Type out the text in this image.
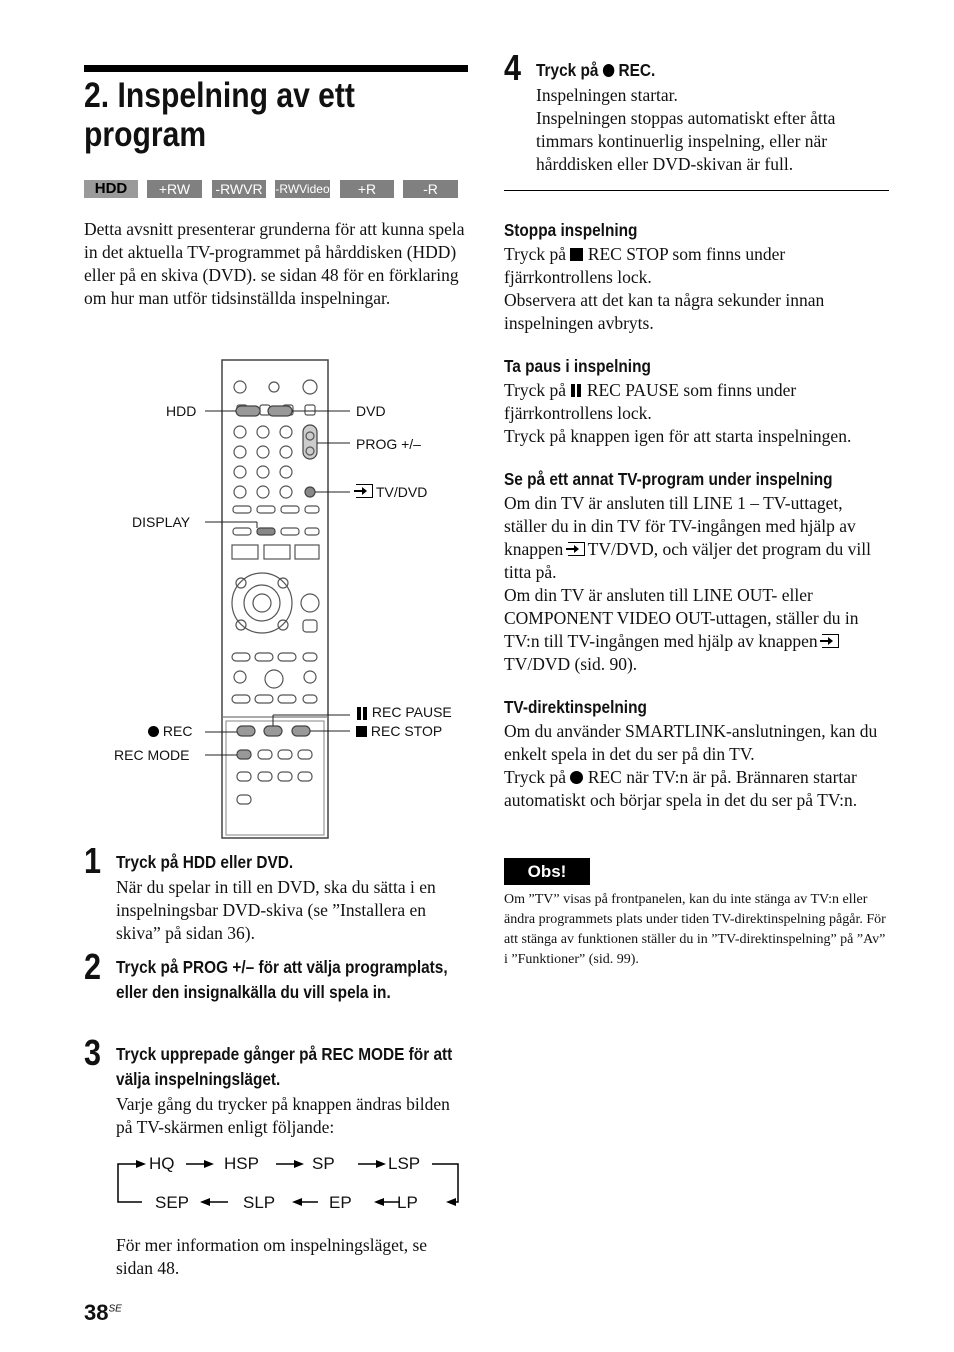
2. Inspelning av ett program
HDD	+RW	-RWVR -RWVideo	+R	-R
Detta avsnitt presenterar grunderna för att kunna spela in det aktuella TV-programmet på hårddisken (HDD) eller på en skiva (DVD). se sidan 48 för en förklaring om hur man utför tidsinställda inspelningar.
HDD	DVD
PROG +/–
TV/DVD
DISPLAY
REC
REC MODE
REC PAUSE
REC STOP
1 Tryck på HDD eller DVD.
När du spelar in till en DVD, ska du sätta i en inspelningsbar DVD-skiva (se ”Installera en skiva” på sidan 36).
2 Tryck på PROG +/– för att välja programplats, eller den insignalkälla du vill spela in.
3 Tryck upprepade gånger på REC MODE för att välja inspelningsläget.
Varje gång du trycker på knappen ändras bilden på TV-skärmen enligt följande:
HQ	HSP	SP	LSP
SEP	SLP	EP	LP
För mer information om inspelningsläget, se sidan 48.
$38^{SE}$
4 Tryck på REC.
Inspelningen startar.
Inspelningen stoppas automatiskt efter åtta timmars kontinuerlig inspelning, eller när hårddisken eller DVD-skivan är full.
Stoppa inspelning
Tryck på REC STOP som finns under fjärrkontrollens lock.
Observera att det kan ta några sekunder innan inspelningen avbryts.
Ta paus i inspelning
Tryck på REC PAUSE som finns under fjärrkontrollens lock.
Tryck på knappen igen för att starta inspelningen.
Se på ett annat TV-program under inspelning
Om din TV är ansluten till LINE 1 – TV-uttaget, ställer du in din TV för TV-ingången med hjälp av knappen TV/DVD, och väljer det program du vill titta på.
Om din TV är ansluten till LINE OUT- eller COMPONENT VIDEO OUT-uttagen, ställer du in TV:n till TV-ingången med hjälp av knappen TV/DVD (sid. 90).
TV-direktinspelning
Om du använder SMARTLINK-anslutningen, kan du enkelt spela in det du ser på din TV.
Tryck på REC när TV:n är på. Brännaren startar automatiskt och börjar spela in det du ser på TV:n.
Obs!
Om ”TV” visas på frontpanelen, kan du inte stänga av TV:n eller ändra programmets plats under tiden TV-direktinspelning pågår. För att stänga av funktionen ställer du in ”TV-direktinspelning” på ”Av” i ”Funktioner” (sid. 99).
